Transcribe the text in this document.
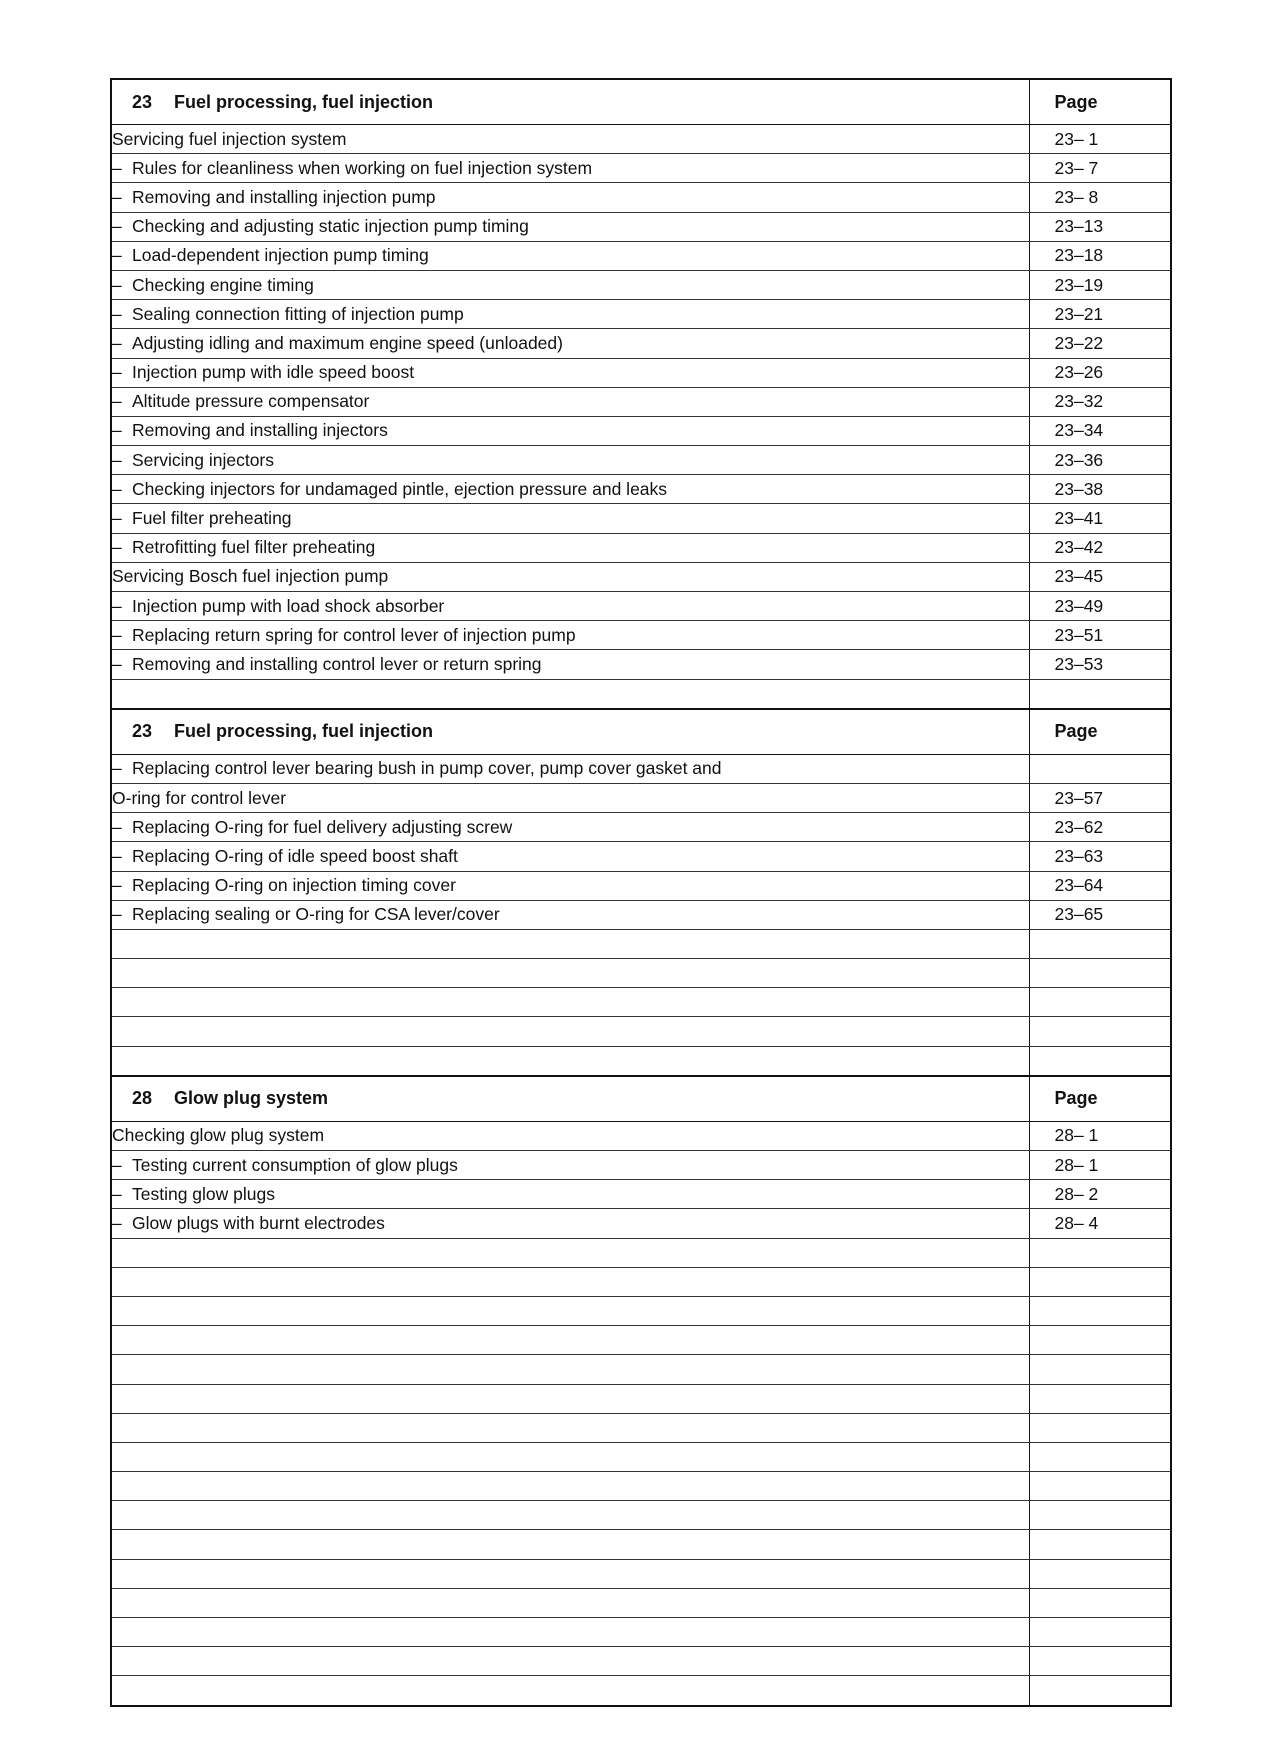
23 Fuel processing, fuel injection	Page
Servicing fuel injection system	23– 1
– Rules for cleanliness when working on fuel injection system	23– 7
– Removing and installing injection pump	23– 8
– Checking and adjusting static injection pump timing	23–13
– Load-dependent injection pump timing	23–18
– Checking engine timing	23–19
– Sealing connection fitting of injection pump	23–21
– Adjusting idling and maximum engine speed (unloaded)	23–22
– Injection pump with idle speed boost	23–26
– Altitude pressure compensator	23–32
– Removing and installing injectors	23–34
– Servicing injectors	23–36
– Checking injectors for undamaged pintle, ejection pressure and leaks	23–38
– Fuel filter preheating	23–41
– Retrofitting fuel filter preheating	23–42
Servicing Bosch fuel injection pump	23–45
– Injection pump with load shock absorber	23–49
– Replacing return spring for control lever of injection pump	23–51
– Removing and installing control lever or return spring	23–53

23 Fuel processing, fuel injection	Page
– Replacing control lever bearing bush in pump cover, pump cover gasket and	
O-ring for control lever	23–57
– Replacing O-ring for fuel delivery adjusting screw	23–62
– Replacing O-ring of idle speed boost shaft	23–63
– Replacing O-ring on injection timing cover	23–64
– Replacing sealing or O-ring for CSA lever/cover	23–65

28 Glow plug system	Page
Checking glow plug system	28– 1
– Testing current consumption of glow plugs	28– 1
– Testing glow plugs	28– 2
– Glow plugs with burnt electrodes	28– 4
